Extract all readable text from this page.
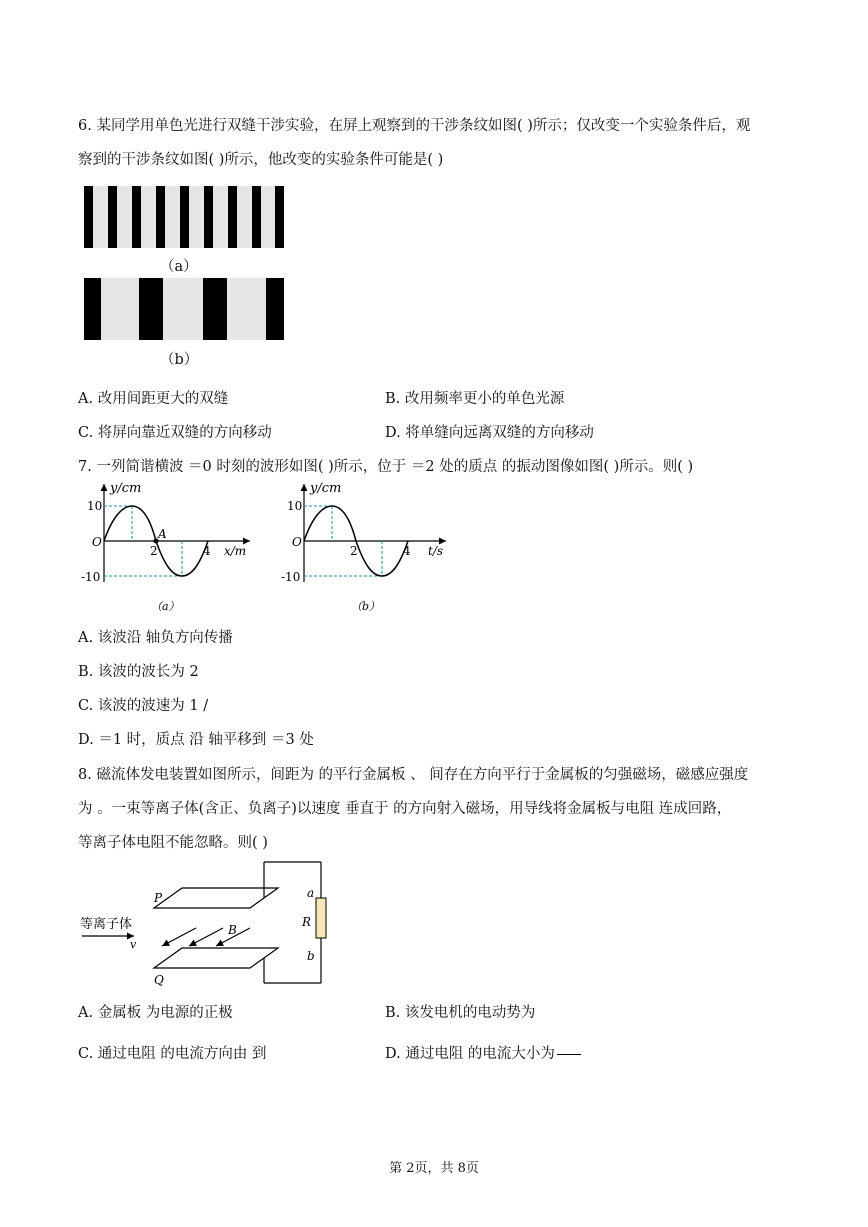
6. 某同学用单色光进行双缝干涉实验，在屏上观察到的干涉条纹如图( )所示；仅改变一个实验条件后，观
察到的干涉条纹如图( )所示，他改变的实验条件可能是( )
（a）
（b）
A. 改用间距更大的双缝	B. 改用频率更小的单色光源
C. 将屏向靠近双缝的方向移动	D. 将单缝向远离双缝的方向移动
7. 一列简谐横波 ＝0 时刻的波形如图( )所示，位于 ＝2 处的质点 的振动图像如图( )所示。则( )
y/cm
10
-10
O
2	4
A
x/m
（a）
y/cm
10
-10
O
2	4 t/s
（b）
A. 该波沿 轴负方向传播
B. 该波的波长为 2
C. 该波的波速为 1 /
D. ＝1 时，质点 沿 轴平移到 ＝3 处
8. 磁流体发电装置如图所示，间距为 的平行金属板 、 间存在方向平行于金属板的匀强磁场，磁感应强度
为 。一束等离子体(含正、负离子)以速度 垂直于 的方向射入磁场，用导线将金属板与电阻 连成回路，
等离子体电阻不能忽略。则( )
P
Q
B
R
a
b
等离子体
v
A. 金属板 为电源的正极	B. 该发电机的电动势为
C. 通过电阻 的电流方向由 到	D. 通过电阻 的电流大小为
第 2页，共 8页
